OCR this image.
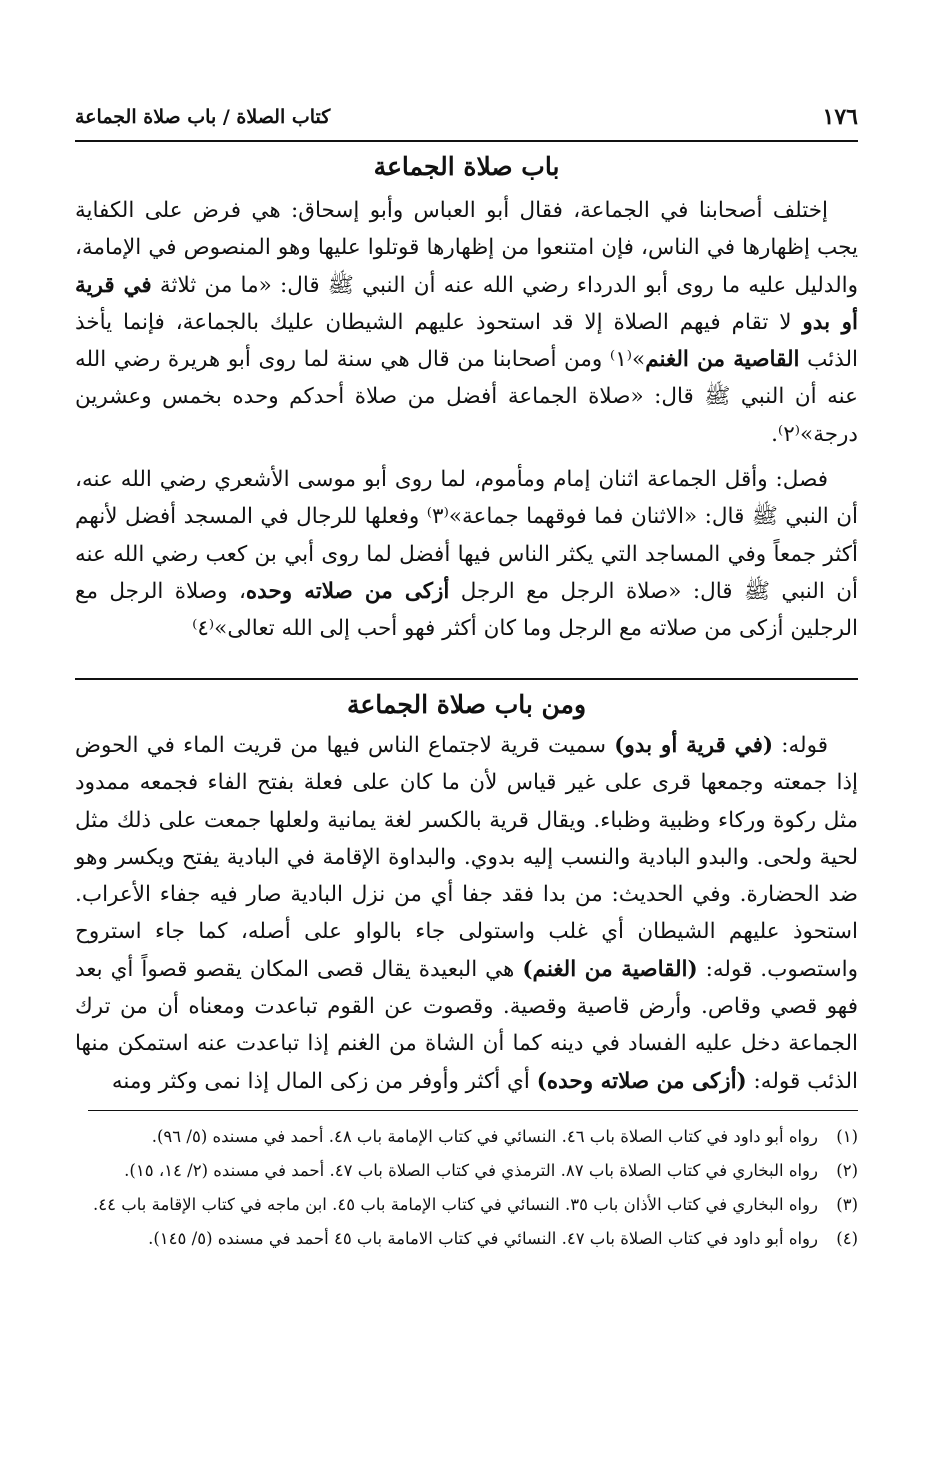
١٧٦
كتاب الصلاة / باب صلاة الجماعة
باب صلاة الجماعة

إختلف أصحابنا في الجماعة، فقال أبو العباس وأبو إسحاق: هي فرض على الكفاية يجب إظهارها في الناس، فإن امتنعوا من إظهارها قوتلوا عليها وهو المنصوص في الإمامة، والدليل عليه ما روى أبو الدرداء رضي الله عنه أن النبي ﷺ قال: «ما من ثلاثة في قرية أو بدو لا تقام فيهم الصلاة إلا قد استحوذ عليهم الشيطان عليك بالجماعة، فإنما يأخذ الذئب القاصية من الغنم»⁽١⁾ ومن أصحابنا من قال هي سنة لما روى أبو هريرة رضي الله عنه أن النبي ﷺ قال: «صلاة الجماعة أفضل من صلاة أحدكم وحده بخمس وعشرين درجة»⁽٢⁾.

فصل: وأقل الجماعة اثنان إمام ومأموم، لما روى أبو موسى الأشعري رضي الله عنه، أن النبي ﷺ قال: «الاثنان فما فوقهما جماعة»⁽٣⁾ وفعلها للرجال في المسجد أفضل لأنهم أكثر جمعاً وفي المساجد التي يكثر الناس فيها أفضل لما روى أبي بن كعب رضي الله عنه أن النبي ﷺ قال: «صلاة الرجل مع الرجل أزكى من صلاته وحده، وصلاة الرجل مع الرجلين أزكى من صلاته مع الرجل وما كان أكثر فهو أحب إلى الله تعالى»⁽٤⁾

ومن باب صلاة الجماعة

قوله: (في قرية أو بدو) سميت قرية لاجتماع الناس فيها من قريت الماء في الحوض إذا جمعته وجمعها قرى على غير قياس لأن ما كان على فعلة بفتح الفاء فجمعه ممدود مثل ركوة وركاء وظبية وظباء. ويقال قرية بالكسر لغة يمانية ولعلها جمعت على ذلك مثل لحية ولحى. والبدو البادية والنسب إليه بدوي. والبداوة الإقامة في البادية يفتح ويكسر وهو ضد الحضارة. وفي الحديث: من بدا فقد جفا أي من نزل البادية صار فيه جفاء الأعراب. استحوذ عليهم الشيطان أي غلب واستولى جاء بالواو على أصله، كما جاء استروح واستصوب. قوله: (القاصية من الغنم) هي البعيدة يقال قصى المكان يقصو قصواً أي بعد فهو قصي وقاص. وأرض قاصية وقصية. وقصوت عن القوم تباعدت ومعناه أن من ترك الجماعة دخل عليه الفساد في دينه كما أن الشاة من الغنم إذا تباعدت عنه استمكن منها الذئب قوله: (أزكى من صلاته وحده) أي أكثر وأوفر من زكى المال إذا نمى وكثر ومنه

(١)
رواه أبو داود في كتاب الصلاة باب ٤٦. النسائي في كتاب الإمامة باب ٤٨. أحمد في مسنده (٥/ ٩٦).
(٢)
رواه البخاري في كتاب الصلاة باب ٨٧. الترمذي في كتاب الصلاة باب ٤٧. أحمد في مسنده (٢/ ١٤، ١٥).
(٣)
رواه البخاري في كتاب الأذان باب ٣٥. النسائي في كتاب الإمامة باب ٤٥. ابن ماجه في كتاب الإقامة باب ٤٤.
(٤)
رواه أبو داود في كتاب الصلاة باب ٤٧. النسائي في كتاب الامامة باب ٤٥ أحمد في مسنده (٥/ ١٤٥).
